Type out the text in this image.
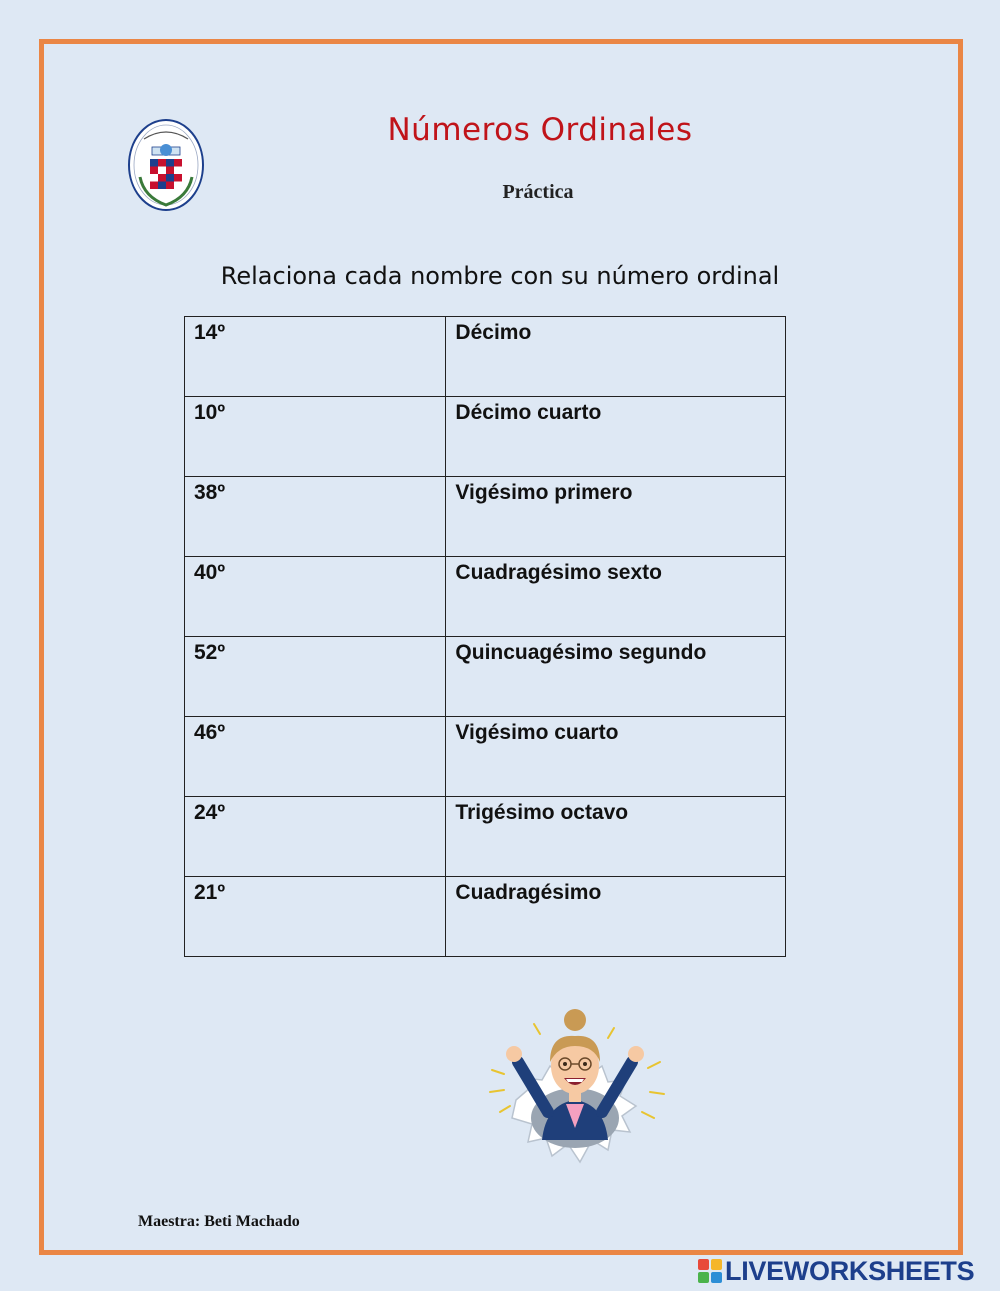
Números Ordinales
Práctica
Relaciona cada nombre con su número ordinal
14º	Décimo
10º	Décimo cuarto
38º	Vigésimo primero
40º	Cuadragésimo sexto
52º	Quincuagésimo segundo
46º	Vigésimo cuarto
24º	Trigésimo octavo
21º	Cuadragésimo
Maestra: Beti Machado
LIVEWORKSHEETS
